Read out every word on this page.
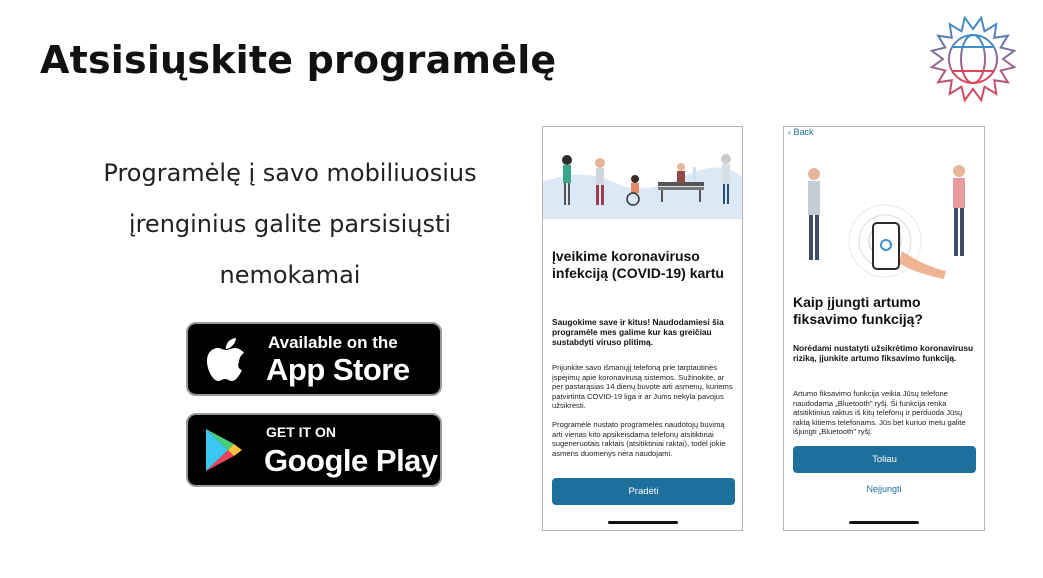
Atsisiųskite programėlę
Programėlę į savo mobiliuosius
įrenginius galite parsisiųsti
nemokamai
Available on the
App Store
GET IT ON
Google Play
Įveikime koronaviruso infekciją (COVID-19) kartu
Saugokime save ir kitus! Naudodamiesi šia programėle mes galime kur kas greičiau sustabdyti viruso plitimą.
Prijunkite savo išmanųjį telefoną prie tarptautinės įspėjimų apie koronavirusą sistemos. Sužinokite, ar per pastarąsias 14 dienų buvote arti asmenų, kuriems patvirtinta COVID-19 liga ir ar Jums nekyla pavojus užsikrėsti.
Programėlė nustato programėlės naudotojų buvimą arti vienas kito apsikeisdama telefonų atsitiktinai sugeneruotais raktais (atsitiktiniai raktai), todėl jokie asmens duomenys nėra naudojami.
Pradėti
‹ Back
Kaip įjungti artumo fiksavimo funkciją?
Norėdami nustatyti užsikrėtimo koronavirusu riziką, įjunkite artumo fiksavimo funkciją.
Artumo fiksavimo funkcija veikia Jūsų telefone naudodama „Bluetooth" ryšį. Ši funkcija renka atsitiktinius raktus iš kitų telefonų ir perduoda Jūsų raktą kitiems telefonams. Jūs bet kuriuo metu galite išjungti „Bluetooth" ryšį.
Toliau
Neįjungti
